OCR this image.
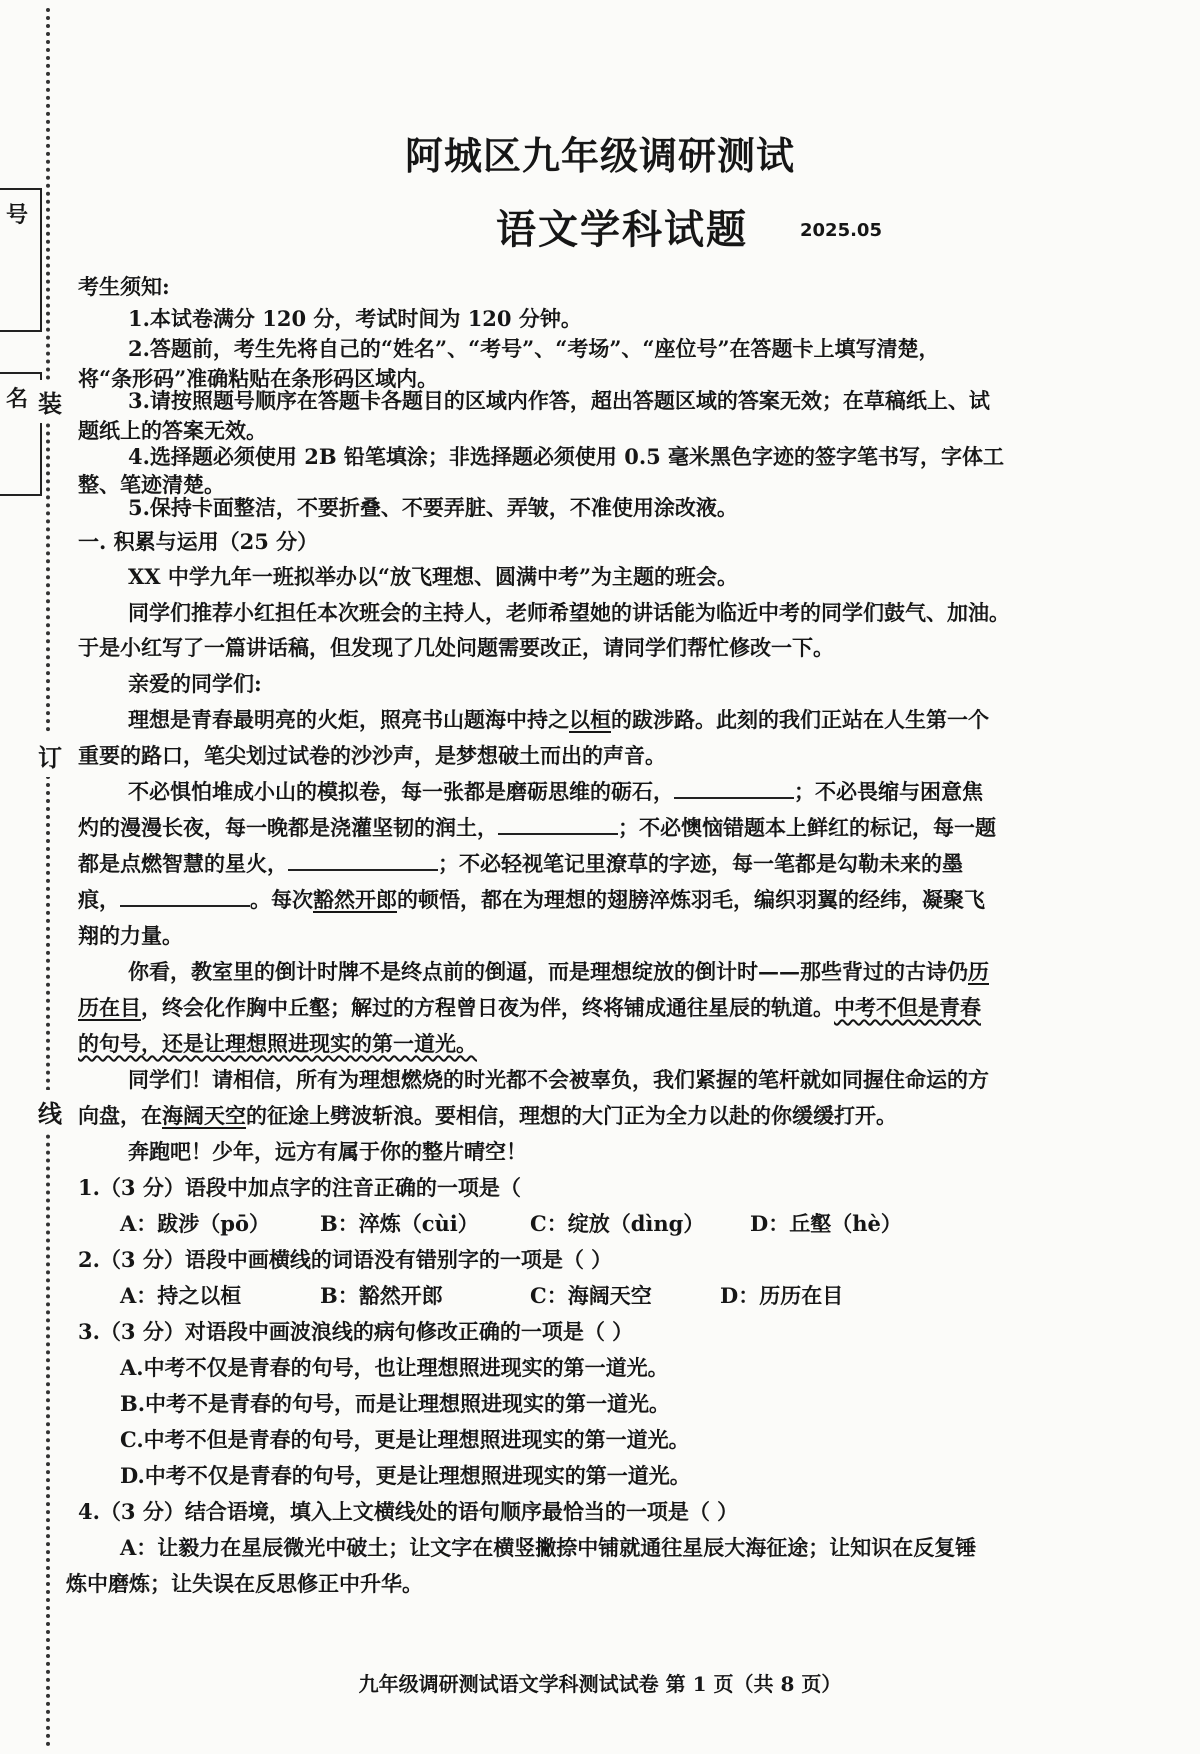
号
名 装
订
线
阿城区九年级调研测试
语文学科试题	2025.05
考生须知:
1.本试卷满分 120 分，考试时间为 120 分钟。
2.答题前，考生先将自己的“姓名”、“考号”、“考场”、“座位号”在答题卡上填写清楚，
将“条形码”准确粘贴在条形码区域内。
3.请按照题号顺序在答题卡各题目的区域内作答，超出答题区域的答案无效；在草稿纸上、试
题纸上的答案无效。
4.选择题必须使用 2B 铅笔填涂；非选择题必须使用 0.5 毫米黑色字迹的签字笔书写，字体工
整、笔迹清楚。
5.保持卡面整洁，不要折叠、不要弄脏、弄皱，不准使用涂改液。
一. 积累与运用（25 分）
XX 中学九年一班拟举办以“放飞理想、圆满中考”为主题的班会。
同学们推荐小红担任本次班会的主持人，老师希望她的讲话能为临近中考的同学们鼓气、加油。
于是小红写了一篇讲话稿，但发现了几处问题需要改正，请同学们帮忙修改一下。
亲爱的同学们:
理想是青春最明亮的火炬，照亮书山题海中持之以桓的跋涉路。此刻的我们正站在人生第一个
重要的路口，笔尖划过试卷的沙沙声，是梦想破土而出的声音。
不必惧怕堆成小山的模拟卷，每一张都是磨砺思维的砺石，	；不必畏缩与困意焦
灼的漫漫长夜，每一晚都是浇灌坚韧的润土，	；不必懊恼错题本上鲜红的标记，每一题
都是点燃智慧的星火，	；不必轻视笔记里潦草的字迹，每一笔都是勾勒未来的墨
痕，	。每次豁然开郎的顿悟，都在为理想的翅膀淬炼羽毛，编织羽翼的经纬，凝聚飞
翔的力量。
你看，教室里的倒计时牌不是终点前的倒逼，而是理想绽放的倒计时——那些背过的古诗仍历
历在目，终会化作胸中丘壑；解过的方程曾日夜为伴，终将铺成通往星辰的轨道。中考不但是青春
的句号，还是让理想照进现实的第一道光。
同学们！请相信，所有为理想燃烧的时光都不会被辜负，我们紧握的笔杆就如同握住命运的方
向盘，在海阔天空的征途上劈波斩浪。要相信，理想的大门正为全力以赴的你缓缓打开。
奔跑吧！少年，远方有属于你的整片晴空！
1.（3 分）语段中加点字的注音正确的一项是（
A：跋涉（pō） B：淬炼（cùi） C：绽放（dìng） D：丘壑（hè）
2.（3 分）语段中画横线的词语没有错别字的一项是（ ）
A：持之以桓	B：豁然开郎	C：海阔天空	D：历历在目
3.（3 分）对语段中画波浪线的病句修改正确的一项是（ ）
A.中考不仅是青春的句号，也让理想照进现实的第一道光。
B.中考不是青春的句号，而是让理想照进现实的第一道光。
C.中考不但是青春的句号，更是让理想照进现实的第一道光。
D.中考不仅是青春的句号，更是让理想照进现实的第一道光。
4.（3 分）结合语境，填入上文横线处的语句顺序最恰当的一项是（ ）
A：让毅力在星辰微光中破土；让文字在横竖撇捺中铺就通往星辰大海征途；让知识在反复锤
炼中磨炼；让失误在反思修正中升华。
九年级调研测试语文学科测试试卷 第 1 页（共 8 页）
